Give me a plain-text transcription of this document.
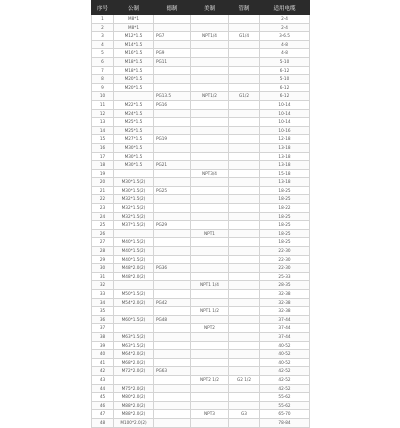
序号	公制	德制	美制	管制	适用电缆
1	M8*1				2-4
2	M8*1				2-4
3	M12*1.5	PG7	NPT1/4	G1/4	3-6.5
4	M14*1.5				4-8
5	M16*1.5	PG9			4-8
6	M18*1.5	PG11			5-10
7	M18*1.5				6-12
8	M20*1.5				5-10
9	M20*1.5				6-12
10		PG13.5	NPT1/2	G1/2	6-12
11	M22*1.5	PG16			10-14
12	M24*1.5				10-14
13	M25*1.5				10-14
14	M25*1.5				10-16
15	M27*1.5	PG19			12-18
16	M30*1.5				13-18
17	M30*1.5				13-18
18	M30*1.5	PG21			13-18
19			NPT3/4		15-18
20	M30*1.5(2)				13-18
21	M30*1.5(2)	PG25			18-25
22	M32*1.5(2)				18-25
23	M32*1.5(2)				18-22
24	M32*1.5(2)				18-25
25	M37*1.5(2)	PG29			18-25
26			NPT1		18-25
27	M40*1.5(2)				18-25
28	M40*1.5(2)				22-30
29	M40*1.5(2)				22-30
30	M48*2.0(2)	PG36			22-30
31	M48*2.0(2)				25-33
32			NPT1 1/4		28-35
33	M50*1.5(2)				32-38
34	M54*2.0(2)	PG42			32-38
35			NPT1 1/2		32-38
36	M60*1.5(2)	PG48			37-44
37			NPT2		37-44
38	M63*1.5(2)				37-44
39	M63*1.5(2)				40-52
40	M64*2.0(2)				40-52
41	M68*2.0(2)				40-52
42	M72*2.0(2)	PG63			42-52
43			NPT2 1/2	G2 1/2	42-52
44	M75*2.0(2)				42-52
45	M80*2.0(2)				55-62
46	M88*2.0(2)				55-62
47	M88*2.0(2)		NPT3	G3	65-70
48	M100*2.0(2)				78-84
